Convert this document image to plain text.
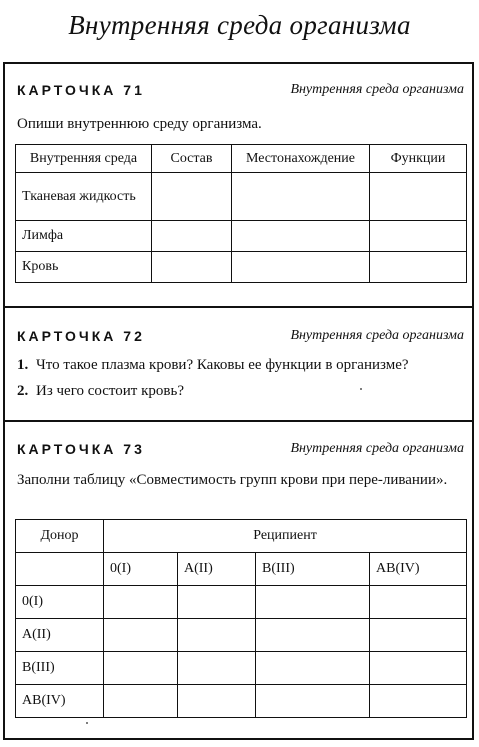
Внутренняя среда организма
КАРТОЧКА 71	Внутренняя среда организма
Опиши внутреннюю среду организма.
Внутренняя среда	Состав	Местонахождение	Функции
Тканевая жидкость			
Лимфа			
Кровь			
КАРТОЧКА 72	Внутренняя среда организма
1. Что такое плазма крови? Каковы ее функции в организме?
2. Из чего состоит кровь?
КАРТОЧКА 73	Внутренняя среда организма
Заполни таблицу «Совместимость групп крови при пере-ливании».
Донор	Реципиент			
	0(I)	A(II)	B(III)	AB(IV)
0(I)				
A(II)				
B(III)				
AB(IV)				
